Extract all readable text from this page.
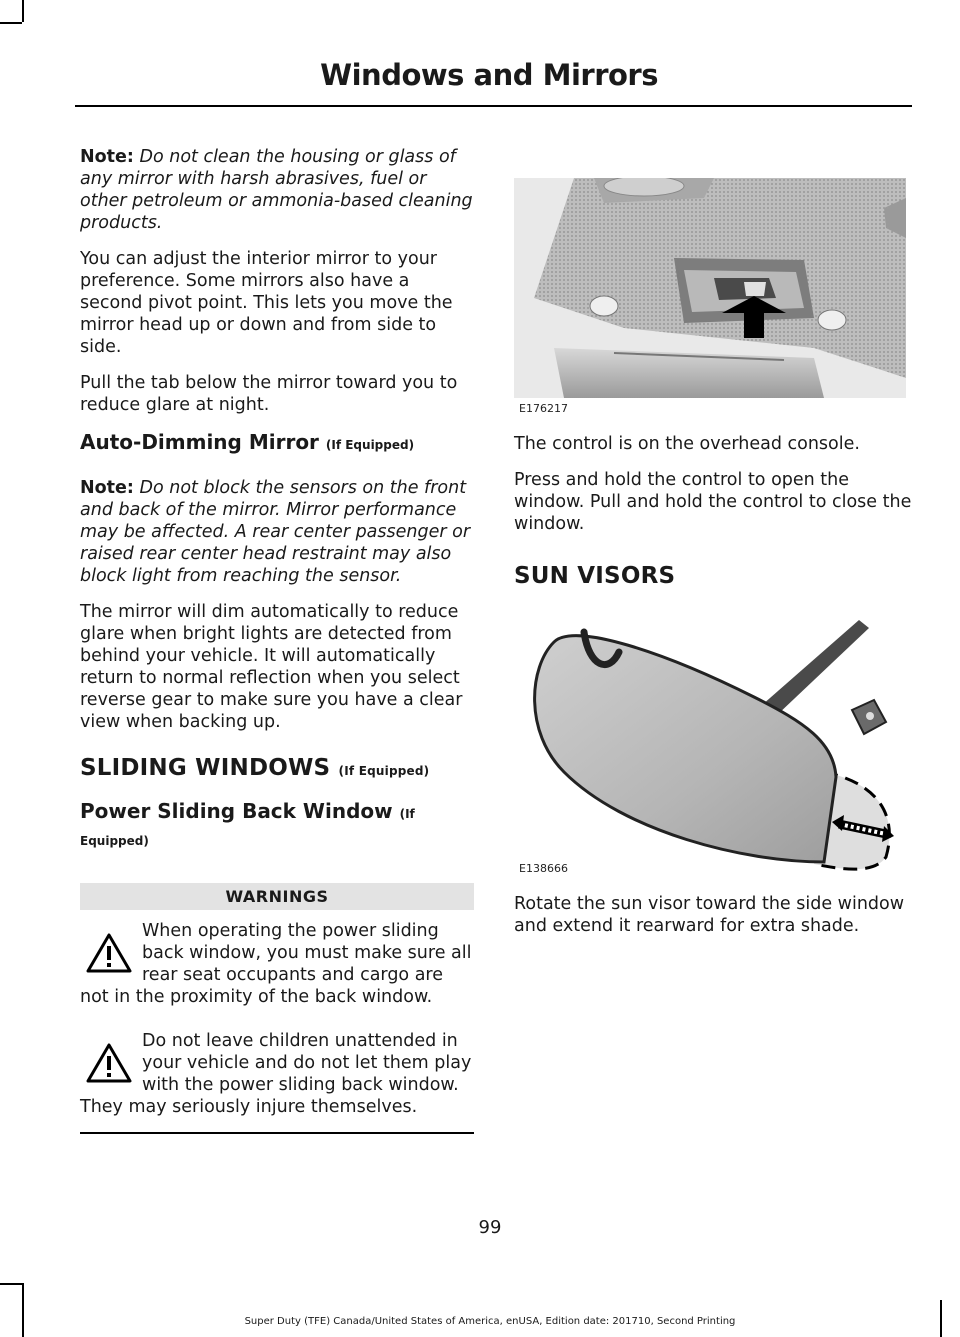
Windows and Mirrors

Note: Do not clean the housing or glass of any mirror with harsh abrasives, fuel or other petroleum or ammonia-based cleaning products.

You can adjust the interior mirror to your preference. Some mirrors also have a second pivot point. This lets you move the mirror head up or down and from side to side.

Pull the tab below the mirror toward you to reduce glare at night.

Auto-Dimming Mirror (If Equipped)

Note: Do not block the sensors on the front and back of the mirror. Mirror performance may be affected. A rear center passenger or raised rear center head restraint may also block light from reaching the sensor.

The mirror will dim automatically to reduce glare when bright lights are detected from behind your vehicle. It will automatically return to normal reflection when you select reverse gear to make sure you have a clear view when backing up.

SLIDING WINDOWS (If Equipped)
Power Sliding Back Window (If Equipped)
WARNINGS
When operating the power sliding back window, you must make sure all rear seat occupants and cargo are not in the proximity of the back window.
Do not leave children unattended in your vehicle and do not let them play with the power sliding back window. They may seriously injure themselves.
E176217

The control is on the overhead console.

Press and hold the control to open the window. Pull and hold the control to close the window.

SUN VISORS
E138666

Rotate the sun visor toward the side window and extend it rearward for extra shade.

99
Super Duty (TFE) Canada/United States of America, enUSA, Edition date: 201710, Second Printing
